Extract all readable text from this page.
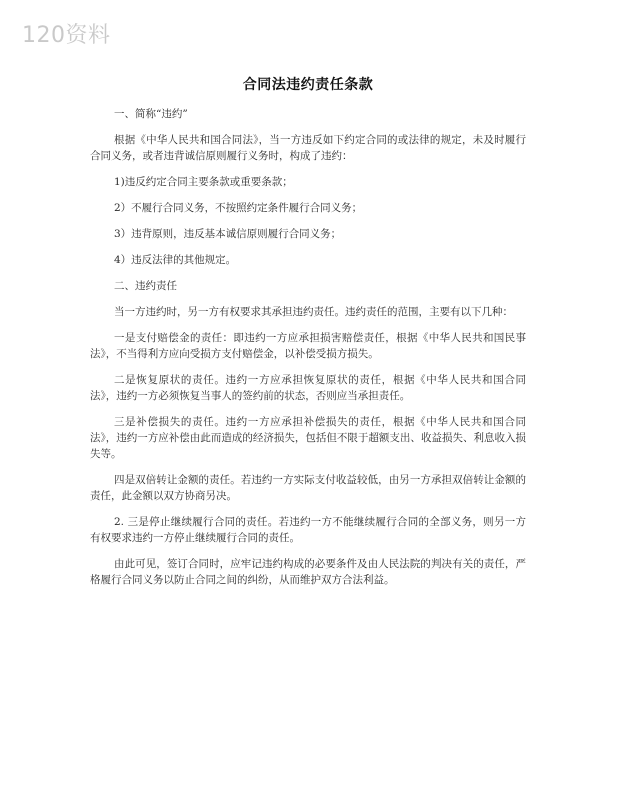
120资料
合同法违约责任条款

一、简称“违约”

根据《中华人民共和国合同法》，当一方违反如下约定合同的或法律的规定，未及时履行合同义务，或者违背诚信原则履行义务时，构成了违约：

1)违反约定合同主要条款或重要条款；

2）不履行合同义务，不按照约定条件履行合同义务；

3）违背原则，违反基本诚信原则履行合同义务；

4）违反法律的其他规定。

二、违约责任

当一方违约时，另一方有权要求其承担违约责任。违约责任的范围，主要有以下几种：

一是支付赔偿金的责任：即违约一方应承担损害赔偿责任，根据《中华人民共和国民事法》，不当得利方应向受损方支付赔偿金，以补偿受损方损失。

二是恢复原状的责任。违约一方应承担恢复原状的责任，根据《中华人民共和国合同法》，违约一方必须恢复当事人的签约前的状态，否则应当承担责任。

三是补偿损失的责任。违约一方应承担补偿损失的责任，根据《中华人民共和国合同法》，违约一方应补偿由此而造成的经济损失，包括但不限于超额支出、收益损失、利息收入损失等。

四是双倍转让金额的责任。若违约一方实际支付收益较低，由另一方承担双倍转让金额的责任，此金额以双方协商另决。

2. 三是停止继续履行合同的责任。若违约一方不能继续履行合同的全部义务，则另一方有权要求违约一方停止继续履行合同的责任。

由此可见，签订合同时，应牢记违约构成的必要条件及由人民法院的判决有关的责任，严格履行合同义务以防止合同之间的纠纷，从而维护双方合法利益。
